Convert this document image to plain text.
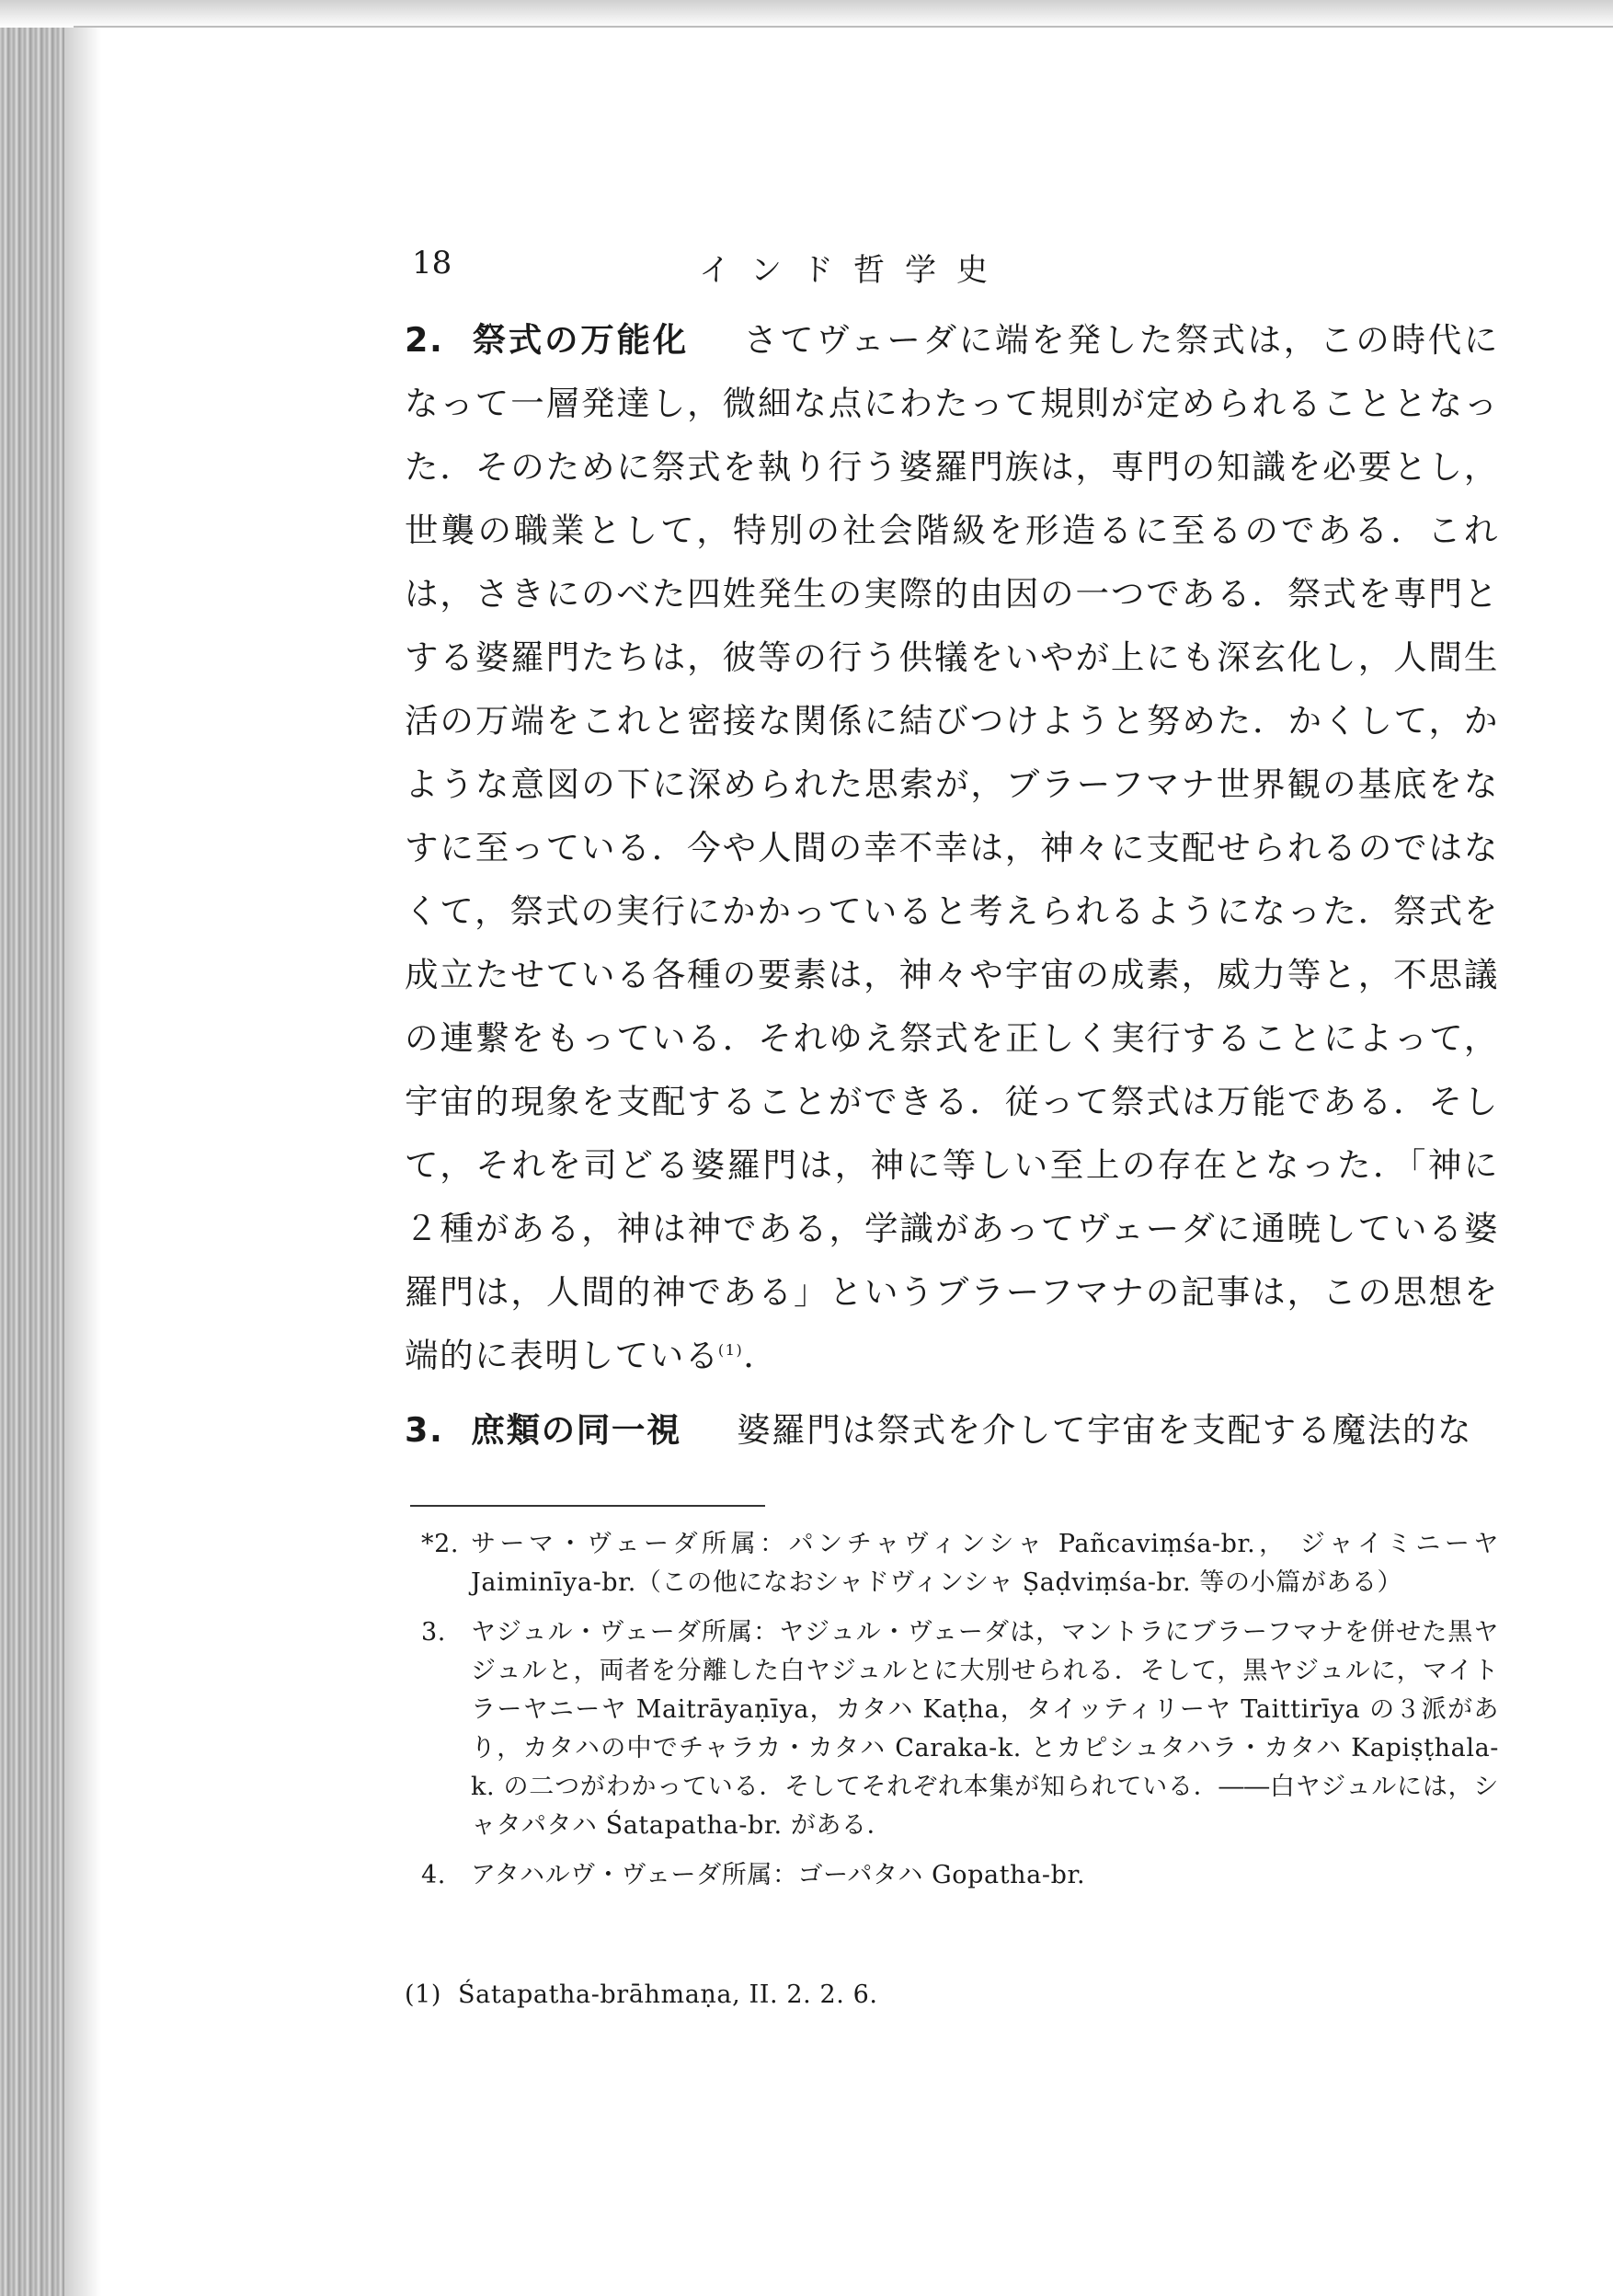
18	インド哲学史

2. 祭式の万能化 さてヴェーダに端を発した祭式は，この時代になって一層発達し，微細な点にわたって規則が定められることとなった．そのために祭式を執り行う婆羅門族は，専門の知識を必要とし，世襲の職業として，特別の社会階級を形造るに至るのである．これは，さきにのべた四姓発生の実際的由因の一つである．祭式を専門とする婆羅門たちは，彼等の行う供犠をいやが上にも深玄化し，人間生活の万端をこれと密接な関係に結びつけようと努めた．かくして，かような意図の下に深められた思索が，ブラーフマナ世界観の基底をなすに至っている．今や人間の幸不幸は，神々に支配せられるのではなくて，祭式の実行にかかっていると考えられるようになった．祭式を成立たせている各種の要素は，神々や宇宙の成素，威力等と，不思議の連繋をもっている．それゆえ祭式を正しく実行することによって，宇宙的現象を支配することができる．従って祭式は万能である．そして，それを司どる婆羅門は，神に等しい至上の存在となった．「神に２種がある，神は神である，学識があってヴェーダに通暁している婆羅門は，人間的神である」というブラーフマナの記事は，この思想を端的に表明している$^{(1)}$．

3. 庶類の同一視 婆羅門は祭式を介して宇宙を支配する魔法的な
*2. サーマ・ヴェーダ所属：パンチャヴィンシャ Pañcaviṃśa-br.， ジャイミニーヤ Jaiminīya-br.（この他になおシャドヴィンシャ Ṣaḍviṃśa-br. 等の小篇がある）
3. ヤジュル・ヴェーダ所属：ヤジュル・ヴェーダは，マントラにブラーフマナを併せた黒ヤジュルと，両者を分離した白ヤジュルとに大別せられる．そして，黒ヤジュルに，マイトラーヤニーヤ Maitrāyaṇīya，カタハ Kaṭha，タイッティリーヤ Taittirīya の３派があり，カタハの中でチャラカ・カタハ Caraka-k. とカピシュタハラ・カタハ Kapiṣṭhala-k. の二つがわかっている．そしてそれぞれ本集が知られている．――白ヤジュルには，シャタパタハ Śatapatha-br. がある．
4. アタハルヴ・ヴェーダ所属：ゴーパタハ Gopatha-br.
(1) Śatapatha-brāhmaṇa, II. 2. 2. 6.
